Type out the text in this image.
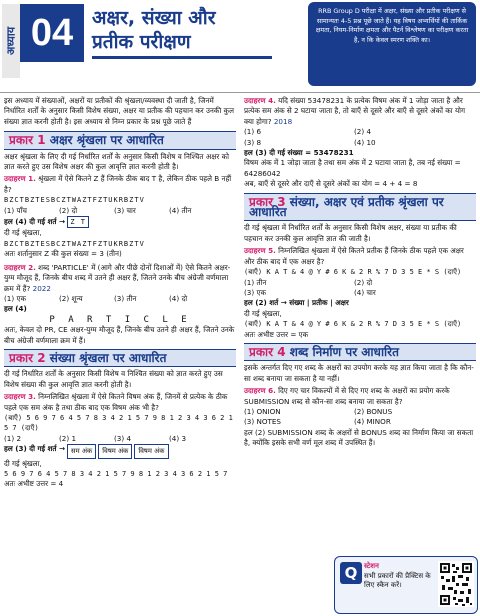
अध्याय 04 अक्षर, संख्या और
प्रतीक परीक्षण
RRB Group D परीक्षा में अक्षर, संख्या और प्रतीक परीक्षण से सामान्यतः 4-5 प्रश्न पूछे जाते हैं। यह विषय अभ्यर्थियों की तार्किक क्षमता, नियम-निर्माण क्षमता और पैटर्न विश्लेषण का परीक्षण करता है, न कि केवल स्मरण शक्ति का।
इस अध्याय में संख्याओं, अक्षरों या प्रतीकों की श्रृंखला/व्यवस्था दी जाती है, जिनमें निर्धारित शर्तों के अनुसार किसी विशेष संख्या, अक्षर या प्रतीक की पहचान कर उनकी कुल संख्या ज्ञात करनी होती है। इस अध्याय से निम्न प्रकार के प्रश्न पूछे जाते हैं
प्रकार 1 अक्षर श्रृंखला पर आधारित
अक्षर श्रृंखला के लिए दी गई निर्धारित शर्तों के अनुसार किसी विशेष व निश्चित अक्षर को ज्ञात करते हुए उस विशेष अक्षर की कुल आवृत्ति ज्ञात करनी होती है।
उदाहरण 1. श्रृंखला में ऐसे कितने Z हैं जिनके ठीक बाद T है, लेकिन ठीक पहले B नहीं है?
BZCTBZTESBCZTWAZTFZTUKRBZTV
(1) पाँच	(2) दो	(3) चार	(4) तीन
हल (4) दी गई शर्त → Z T
दी गई श्रृंखला,
BZCTBZTESBCZTWAZTFZTUKRBZTV
अतः शर्तानुसार Z की कुल संख्या = 3 (तीन)
उदाहरण 2. शब्द 'PARTICLE' में (आगे और पीछे दोनों दिशाओं में) ऐसे कितने अक्षर-युग्म मौजूद हैं, जिनके बीच शब्द में उतने ही अक्षर हैं, जितने उनके बीच अंग्रेजी वर्णमाला क्रम में हैं? 2022
(1) एक	(2) शून्य	(3) तीन	(4) दो
हल (4)
P A R T I C L E
अतः, केवल दो PR, CE अक्षर-युग्म मौजूद हैं, जिनके बीच उतने ही अक्षर हैं, जितने उनके बीच अंग्रेजी वर्णमाला क्रम में हैं।
प्रकार 2 संख्या श्रृंखला पर आधारित
दी गई निर्धारित शर्तों के अनुसार किसी विशेष व निश्चित संख्या को ज्ञात करते हुए उस विशेष संख्या की कुल आवृत्ति ज्ञात करनी होती है।
उदाहरण 3. निम्नलिखित श्रृंखला में ऐसे कितने विषम अंक हैं, जिनमें से प्रत्येक के ठीक पहले एक सम अंक है तथा ठीक बाद एक विषम अंक भी है?
(बाएँ) 5 6 9 7 6 4 5 7 8 3 4 2 1 5 7 9 8 1 2 3 4 3 6 2 1 5 7 (दाएँ)
(1) 2	(2) 1	(3) 4	(4) 3
हल (3) दी गई शर्त → सम अंक	विषम अंक	विषम अंक
दी गई श्रृंखला,
5 6 9 7 6 4 5 7 8 3 4 2 1 5 7 9 8 1 2 3 4 3 6 2 1 5 7
अतः अभीष्ट उत्तर = 4
उदाहरण 4. यदि संख्या 53478231 के प्रत्येक विषम अंक में 1 जोड़ा जाता है और प्रत्येक सम अंक से 2 घटाया जाता है, तो बाएँ से दूसरे और बाएँ से दूसरे अंकों का योग क्या होगा? 2018
(1) 6	(2) 4
(3) 8	(4) 10
हल (3) दी गई संख्या = 53478231
विषम अंक में 1 जोड़ा जाता है तथा सम अंक में 2 घटाया जाता है, तब नई संख्या = 64286042
अब, बाएँ से दूसरे और दाएँ से दूसरे अंकों का योग = 4 + 4 = 8
प्रकार 3 संख्या, अक्षर एवं प्रतीक श्रृंखला पर आधारित
दी गई श्रृंखला में निर्धारित शर्तों के अनुसार किसी विशेष अक्षर, संख्या या प्रतीक की पहचान कर उनकी कुल आवृत्ति ज्ञात की जाती है।
उदाहरण 5. निम्नलिखित श्रृंखला में ऐसे कितने प्रतीक हैं जिनके ठीक पहले एक अक्षर और ठीक बाद में एक अक्षर है?
(बाएँ) K A T & 4 @ Y # 6 K & 2 R % 7 D 3 5 E * S (दाएँ)
(1) तीन	(2) दो
(3) एक	(4) चार
हल (2) शर्त → संख्या | प्रतीक | अक्षर
दी गई श्रृंखला,
(बाएँ) K A T & 4 @ Y # 6 K & 2 R % 7 D 3 5 E * S (दाएँ)
अतः अभीष्ट उत्तर = एक
प्रकार 4 शब्द निर्माण पर आधारित
इसके अन्तर्गत दिए गए शब्द के अक्षरों का उपयोग करके यह ज्ञात किया जाता है कि कौन-सा शब्द बनाया जा सकता है या नहीं।
उदाहरण 6. दिए गए चार विकल्पों में से दिए गए शब्द के अक्षरों का प्रयोग करके SUBMISSION शब्द से कौन-सा शब्द बनाया जा सकता है?
(1) ONION	(2) BONUS
(3) NOTES	(4) MINOR
हल (2) SUBMISSION शब्द के अक्षरों से BONUS शब्द का निर्माण किया जा सकता है, क्योंकि इसके सभी वर्ण मूल शब्द में उपस्थित हैं।
Q स्टेशन
सभी प्रकारों की प्रैक्टिस के लिए स्कैन करें।
